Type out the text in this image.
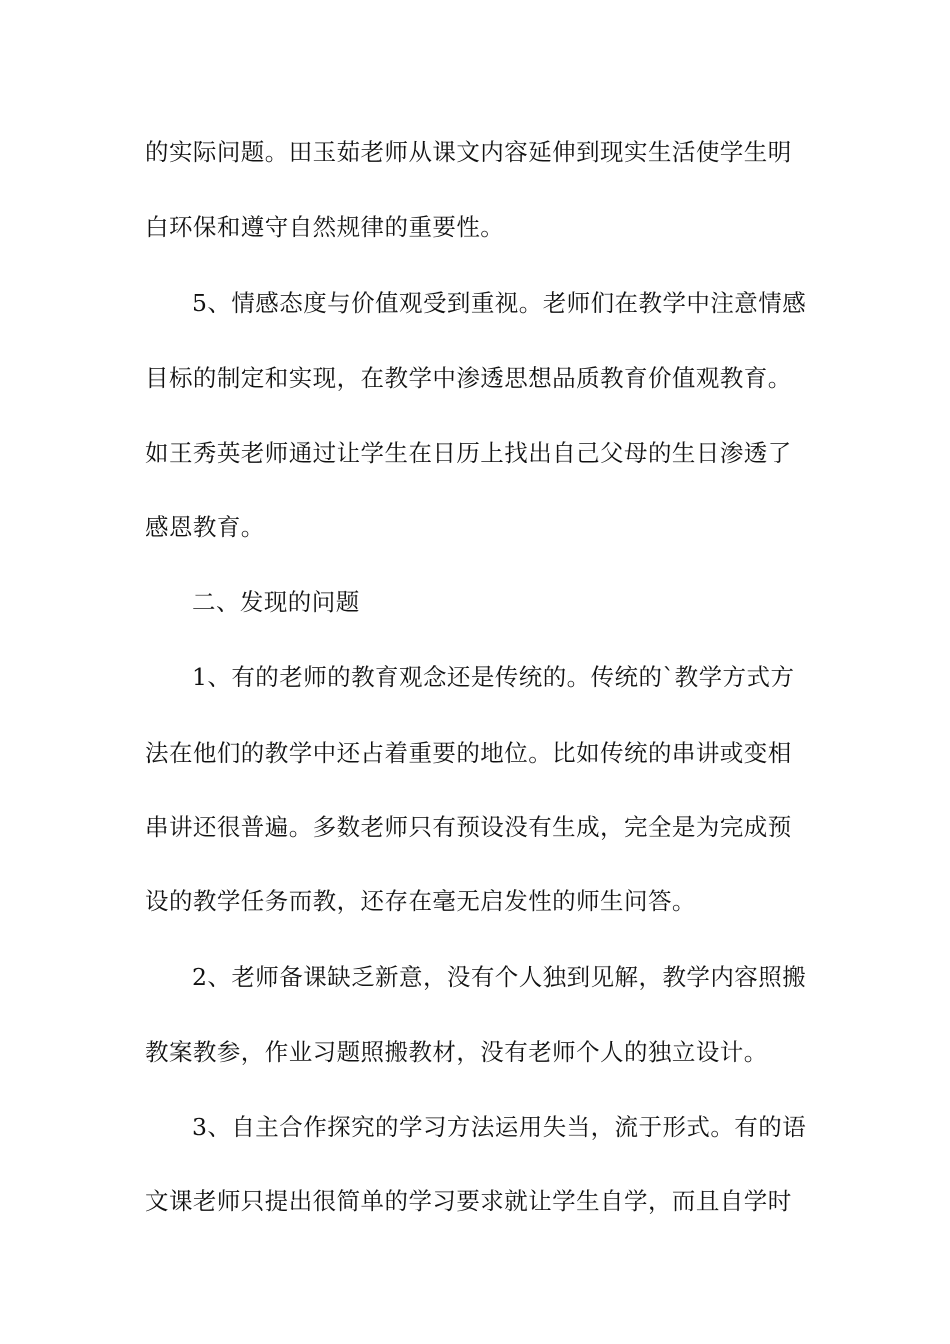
的实际问题。田玉茹老师从课文内容延伸到现实生活使学生明
白环保和遵守自然规律的重要性。
5、情感态度与价值观受到重视。老师们在教学中注意情感
目标的制定和实现，在教学中渗透思想品质教育价值观教育。
如王秀英老师通过让学生在日历上找出自己父母的生日渗透了
感恩教育。
二、发现的问题
1、有的老师的教育观念还是传统的。传统的`教学方式方
法在他们的教学中还占着重要的地位。比如传统的串讲或变相
串讲还很普遍。多数老师只有预设没有生成，完全是为完成预
设的教学任务而教，还存在毫无启发性的师生问答。
2、老师备课缺乏新意，没有个人独到见解，教学内容照搬
教案教参，作业习题照搬教材，没有老师个人的独立设计。
3、自主合作探究的学习方法运用失当，流于形式。有的语
文课老师只提出很简单的学习要求就让学生自学，而且自学时
